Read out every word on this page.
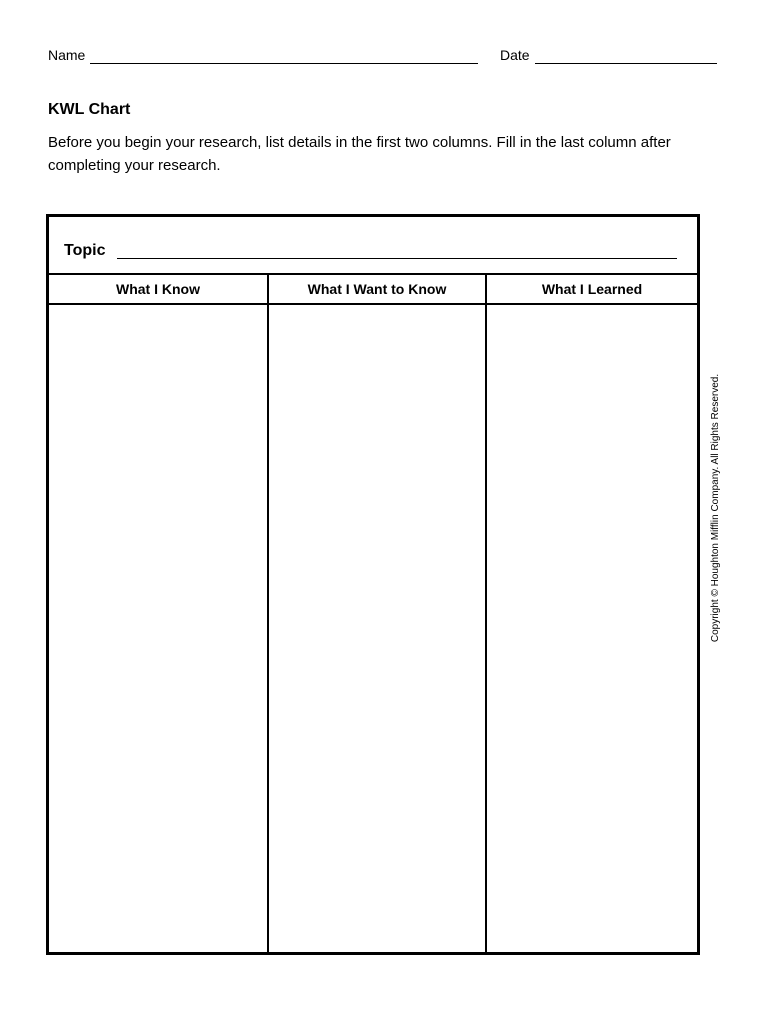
Name	Date
KWL Chart
Before you begin your research, list details in the first two columns. Fill in the last column after completing your research.
Topic
What I Know	What I Want to Know	What I Learned
Copyright © Houghton Mifflin Company. All Rights Reserved.
